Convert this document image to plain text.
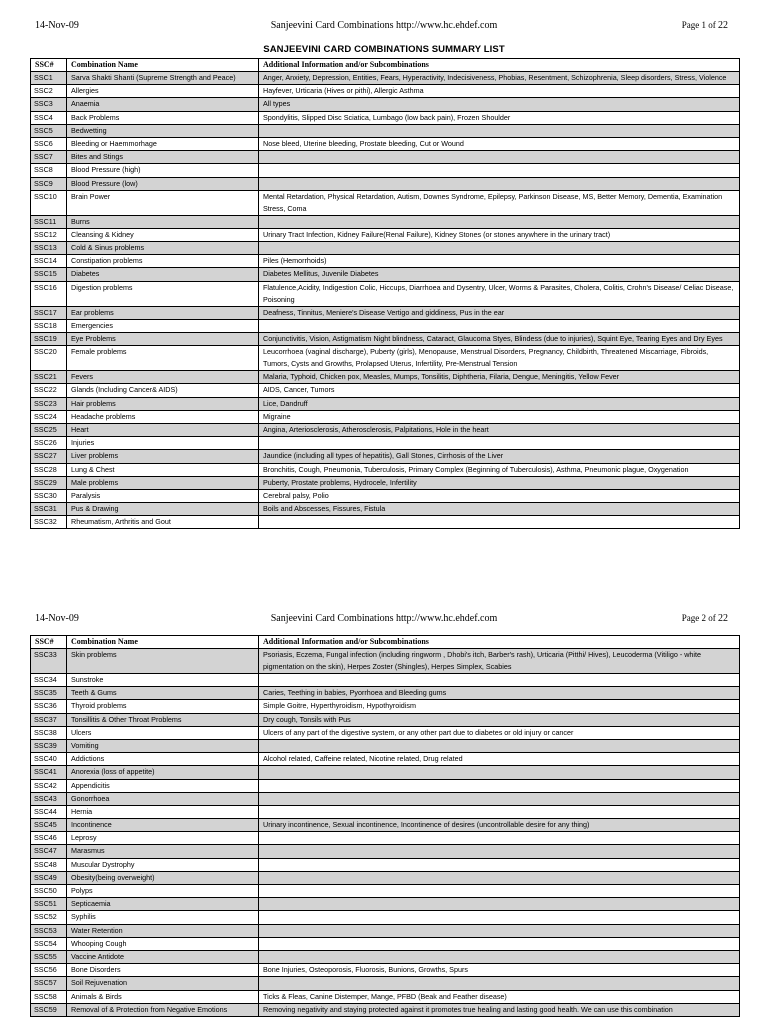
14-Nov-09	Sanjeevini Card Combinations http://www.hc.ehdef.com	Page 1 of 22
SANJEEVINI CARD COMBINATIONS SUMMARY LIST
SSC#	Combination Name	Additional Information and/or Subcombinations
SSC1	Sarva Shakti Shanti (Supreme Strength and Peace)	Anger, Anxiety, Depression, Entities, Fears, Hyperactivity, Indecisiveness, Phobias, Resentment, Schizophrenia, Sleep disorders, Stress, Violence
SSC2	Allergies	Hayfever, Urticaria (Hives or pithi), Allergic Asthma
SSC3	Anaemia	All types
SSC4	Back Problems	Spondylitis, Slipped Disc Sciatica, Lumbago (low back pain), Frozen Shoulder
SSC5	Bedwetting	
SSC6	Bleeding or Haemmorhage	Nose bleed, Uterine bleeding, Prostate bleeding, Cut or Wound
SSC7	Bites and Stings	
SSC8	Blood Pressure (high)	
SSC9	Blood Pressure (low)	
SSC10	Brain Power	Mental Retardation, Physical Retardation, Autism, Downes Syndrome, Epilepsy, Parkinson Disease, MS, Better Memory, Dementia, Examination Stress, Coma
SSC11	Burns	
SSC12	Cleansing & Kidney	Urinary Tract Infection, Kidney Failure(Renal Failure), Kidney Stones (or stones anywhere in the urinary tract)
SSC13	Cold & Sinus problems	
SSC14	Constipation problems	Piles (Hemorrhoids)
SSC15	Diabetes	Diabetes Mellitus, Juvenile Diabetes
SSC16	Digestion problems	Flatulence,Acidity, Indigestion Colic, Hiccups, Diarrhoea and Dysentry, Ulcer, Worms & Parasites, Cholera, Colitis, Crohn's Disease/ Celiac Disease, Poisoning
SSC17	Ear problems	Deafness, Tinnitus, Meniere's Disease Vertigo and giddiness, Pus in the ear
SSC18	Emergencies	
SSC19	Eye Problems	Conjunctivitis, Vision, Astigmatism Night blindness, Cataract, Glaucoma Styes, Blindess (due to injuries), Squint Eye, Tearing Eyes and Dry Eyes
SSC20	Female problems	Leucorrhoea (vaginal discharge), Puberty (girls), Menopause, Menstrual Disorders, Pregnancy, Childbirth, Threatened Miscarriage, Fibroids, Tumors, Cysts and Growths, Prolapsed Uterus, Infertility, Pre-Menstrual Tension
SSC21	Fevers	Malaria, Typhoid, Chicken pox, Measles, Mumps, Tonsilitis, Diphtheria, Filaria, Dengue, Meningitis, Yellow Fever
SSC22	Glands (Including Cancer& AIDS)	AIDS, Cancer, Tumors
SSC23	Hair problems	Lice, Dandruff
SSC24	Headache problems	Migraine
SSC25	Heart	Angina, Arteriosclerosis, Atherosclerosis, Palpitations, Hole in the heart
SSC26	Injuries	
SSC27	Liver problems	Jaundice (including all types of hepatitis), Gall Stones, Cirrhosis of the Liver
SSC28	Lung & Chest	Bronchitis, Cough, Pneumonia, Tuberculosis, Primary Complex (Beginning of Tuberculosis), Asthma, Pneumonic plague, Oxygenation
SSC29	Male problems	Puberty, Prostate problems, Hydrocele, Infertility
SSC30	Paralysis	Cerebral palsy, Polio
SSC31	Pus & Drawing	Boils and Abscesses, Fissures, Fistula
SSC32	Rheumatism, Arthritis and Gout	
14-Nov-09	Sanjeevini Card Combinations http://www.hc.ehdef.com	Page 2 of 22
SSC#	Combination Name	Additional Information and/or Subcombinations
SSC33	Skin problems	Psoriasis, Eczema, Fungal infection (including ringworm , Dhobi's itch, Barber's rash), Urticaria (Pitthi/ Hives), Leucoderma (Vitiligo - white pigmentation on the skin), Herpes Zoster (Shingles), Herpes Simplex, Scabies
SSC34	Sunstroke	
SSC35	Teeth & Gums	Caries, Teething in babies, Pyorrhoea and Bleeding gums
SSC36	Thyroid problems	Simple Goitre, Hyperthyroidism, Hypothyroidism
SSC37	Tonsillitis & Other Throat Problems	Dry cough, Tonsils with Pus
SSC38	Ulcers	Ulcers of any part of the digestive system, or any other part due to diabetes or old injury or cancer
SSC39	Vomiting	
SSC40	Addictions	Alcohol related, Caffeine related, Nicotine related, Drug related
SSC41	Anorexia (loss of appetite)	
SSC42	Appendicitis	
SSC43	Gonorrhoea	
SSC44	Hernia	
SSC45	Incontinence	Urinary incontinence, Sexual incontinence, Incontinence of desires (uncontrollable desire for any thing)
SSC46	Leprosy	
SSC47	Marasmus	
SSC48	Muscular Dystrophy	
SSC49	Obesity(being overweight)	
SSC50	Polyps	
SSC51	Septicaemia	
SSC52	Syphilis	
SSC53	Water Retention	
SSC54	Whooping Cough	
SSC55	Vaccine Antidote	
SSC56	Bone Disorders	Bone Injuries, Osteoporosis, Fluorosis, Bunions, Growths, Spurs
SSC57	Soil Rejuvenation	
SSC58	Animals & Birds	Ticks & Fleas, Canine Distemper, Mange, PFBD (Beak and Feather disease)
SSC59	Removal of & Protection from Negative Emotions	Removing negativity and staying protected against it promotes true healing and lasting good health. We can use this combination
